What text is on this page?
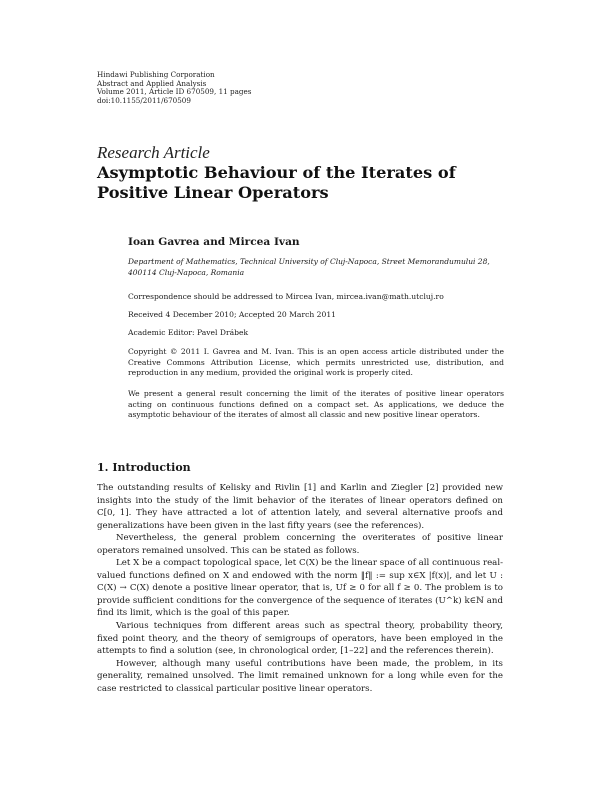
Hindawi Publishing Corporation
Abstract and Applied Analysis
Volume 2011, Article ID 670509, 11 pages
doi:10.1155/2011/670509
Research Article
Asymptotic Behaviour of the Iterates of
Positive Linear Operators
Ioan Gavrea and Mircea Ivan
Department of Mathematics, Technical University of Cluj-Napoca, Street Memorandumului 28,
400114 Cluj-Napoca, Romania
Correspondence should be addressed to Mircea Ivan, mircea.ivan@math.utcluj.ro
Received 4 December 2010; Accepted 20 March 2011
Academic Editor: Pavel Drábek
Copyright © 2011 I. Gavrea and M. Ivan. This is an open access article distributed under the Creative Commons Attribution License, which permits unrestricted use, distribution, and reproduction in any medium, provided the original work is properly cited.
We present a general result concerning the limit of the iterates of positive linear operators acting on continuous functions defined on a compact set. As applications, we deduce the asymptotic behaviour of the iterates of almost all classic and new positive linear operators.
1. Introduction

The outstanding results of Kelisky and Rivlin [1] and Karlin and Ziegler [2] provided new insights into the study of the limit behavior of the iterates of linear operators defined on C[0, 1]. They have attracted a lot of attention lately, and several alternative proofs and generalizations have been given in the last fifty years (see the references).

Nevertheless, the general problem concerning the overiterates of positive linear operators remained unsolved. This can be stated as follows.

Let X be a compact topological space, let C(X) be the linear space of all continuous real-valued functions defined on X and endowed with the norm ‖f‖ := sup x∈X |f(x)|, and let U : C(X) → C(X) denote a positive linear operator, that is, Uf ≥ 0 for all f ≥ 0. The problem is to provide sufficient conditions for the convergence of the sequence of iterates (U^k) k∈ℕ and find its limit, which is the goal of this paper.

Various techniques from different areas such as spectral theory, probability theory, fixed point theory, and the theory of semigroups of operators, have been employed in the attempts to find a solution (see, in chronological order, [1–22] and the references therein).

However, although many useful contributions have been made, the problem, in its generality, remained unsolved. The limit remained unknown for a long while even for the case restricted to classical particular positive linear operators.
